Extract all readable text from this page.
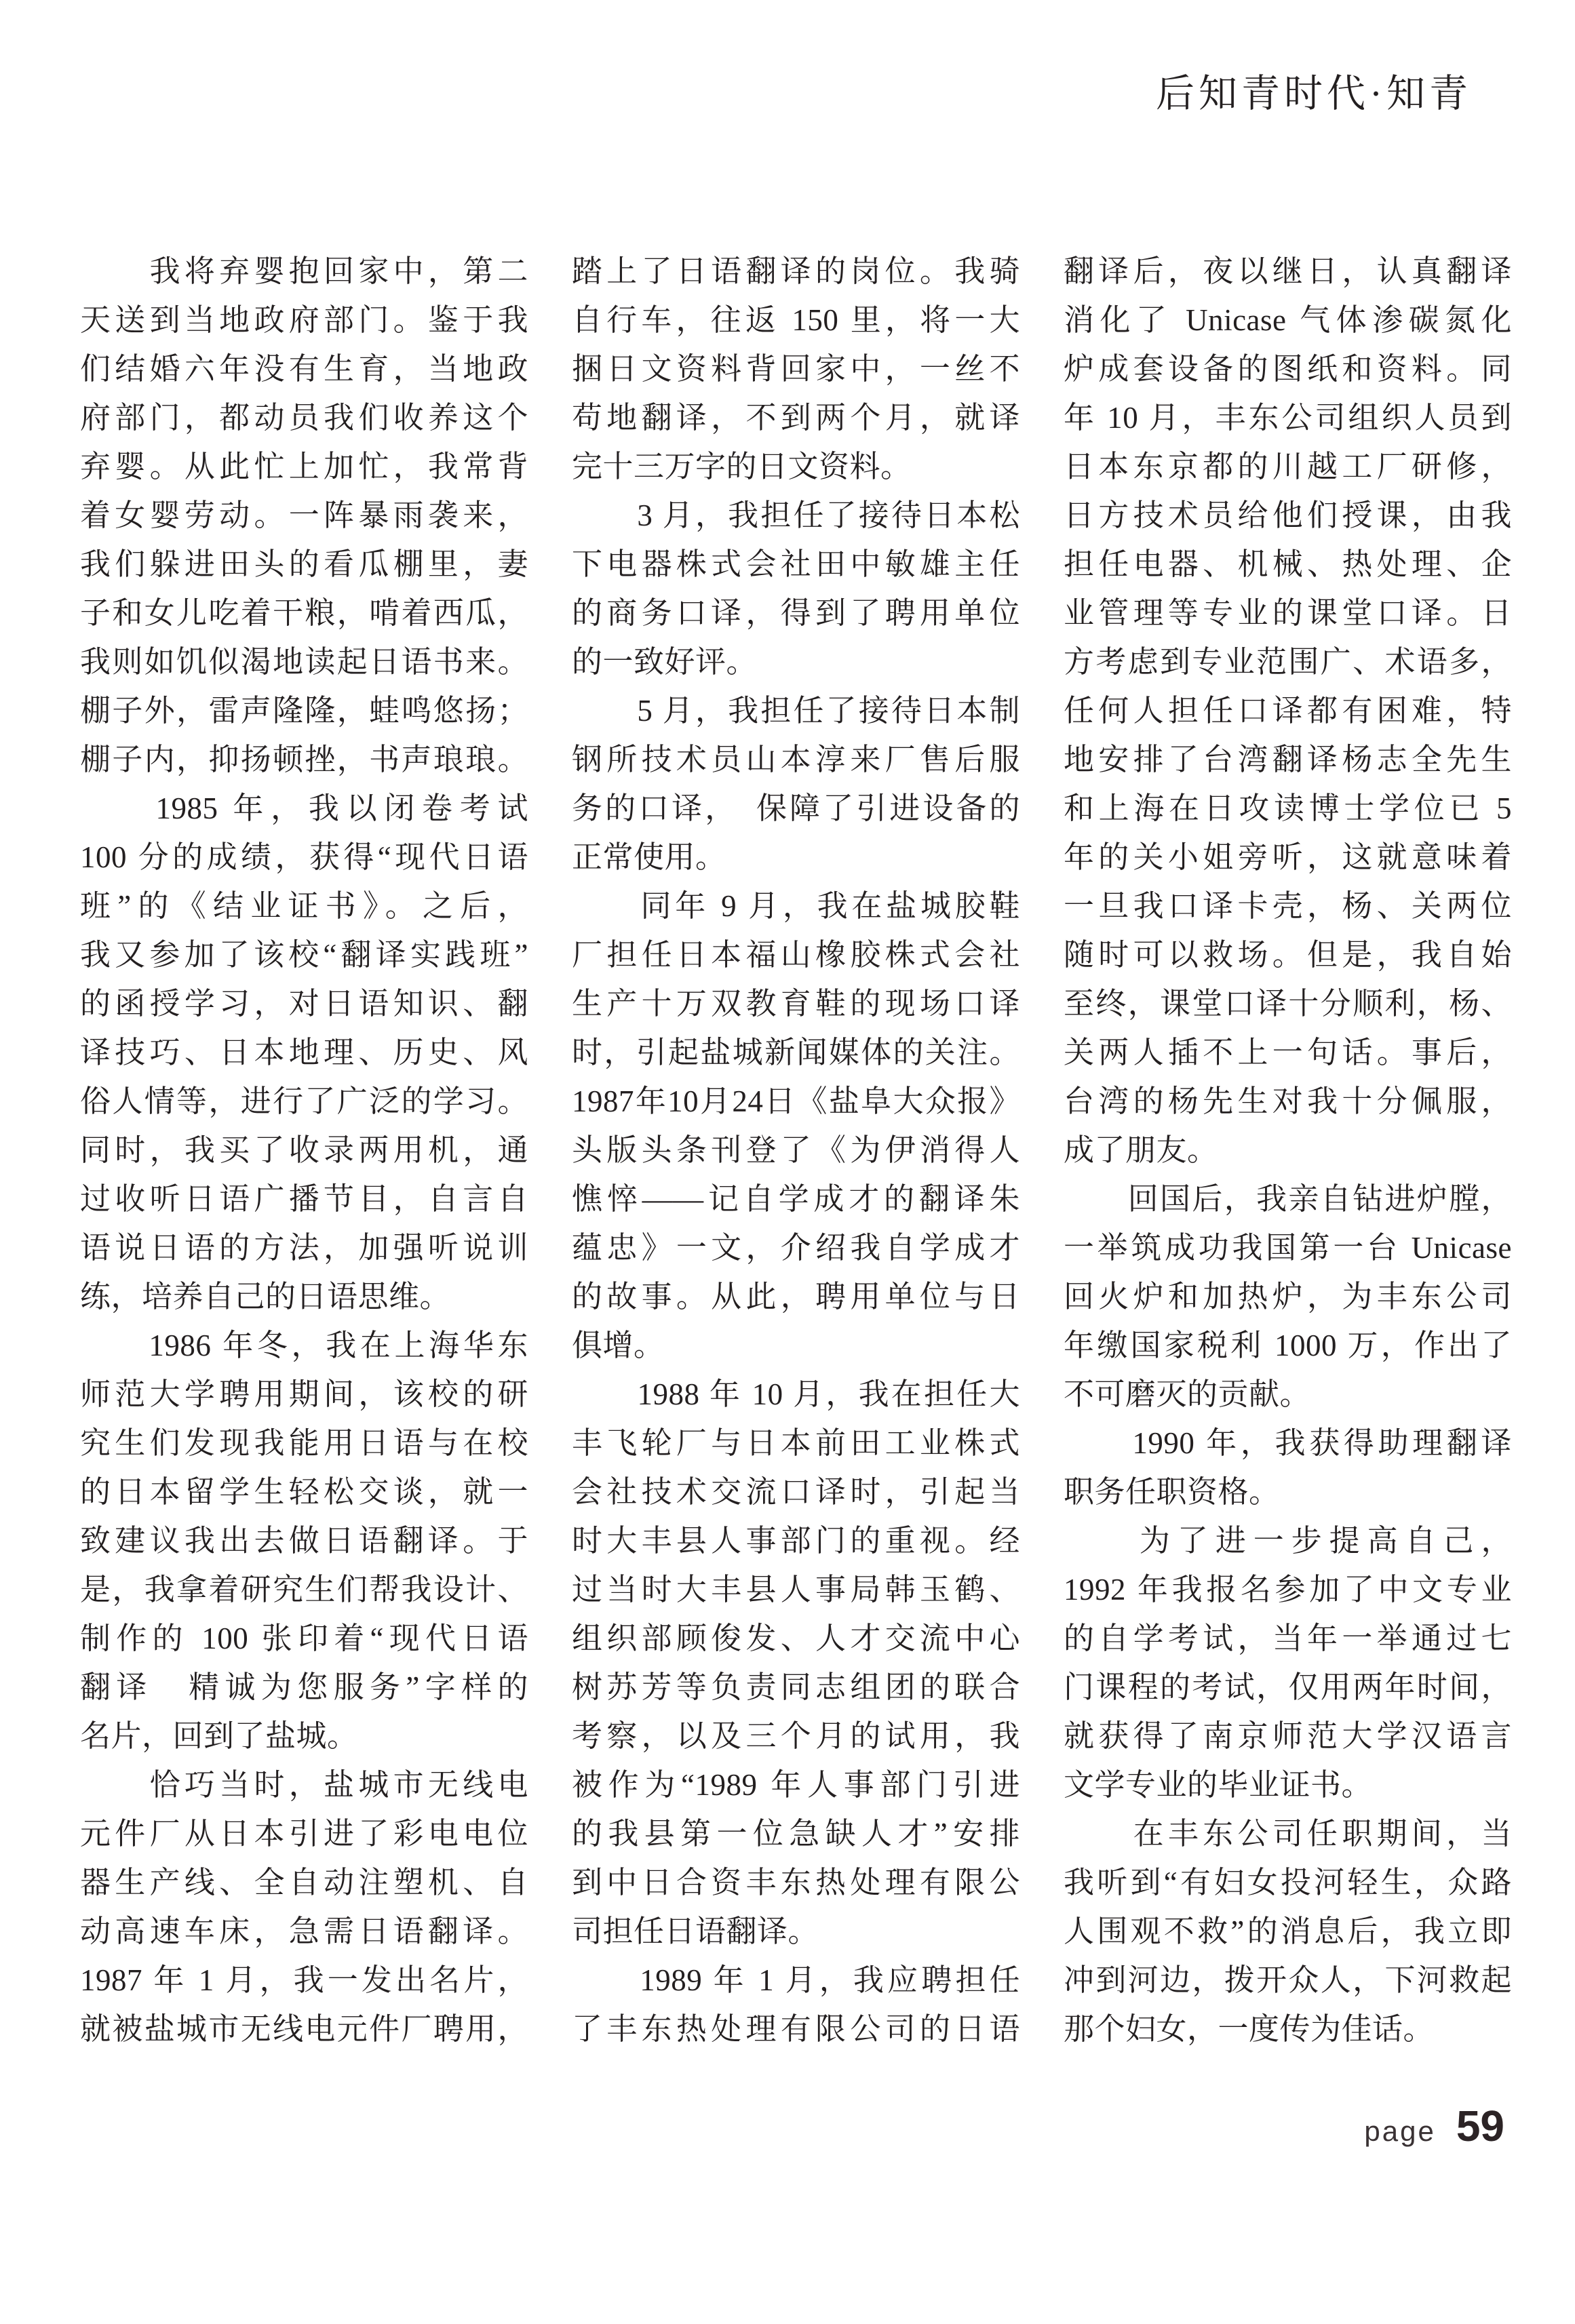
后知青时代·知青
　　我将弃婴抱回家中，第二
天送到当地政府部门。鉴于我
们结婚六年没有生育，当地政
府部门，都动员我们收养这个
弃婴。从此忙上加忙，我常背
着女婴劳动。一阵暴雨袭来，
我们躲进田头的看瓜棚里，妻
子和女儿吃着干粮，啃着西瓜，
我则如饥似渴地读起日语书来。
棚子外，雷声隆隆，蛙鸣悠扬；
棚子内，抑扬顿挫，书声琅琅。
　　1985 年，我以闭卷考试
100 分的成绩，获得“现代日语
班”的《结业证书》。之后，
我又参加了该校“翻译实践班”
的函授学习，对日语知识、翻
译技巧、日本地理、历史、风
俗人情等，进行了广泛的学习。
同时，我买了收录两用机，通
过收听日语广播节目，自言自
语说日语的方法，加强听说训
练，培养自己的日语思维。
　　1986 年冬，我在上海华东
师范大学聘用期间，该校的研
究生们发现我能用日语与在校
的日本留学生轻松交谈，就一
致建议我出去做日语翻译。于
是，我拿着研究生们帮我设计、
制作的 100 张印着“现代日语
翻译　精诚为您服务”字样的
名片，回到了盐城。
　　恰巧当时，盐城市无线电
元件厂从日本引进了彩电电位
器生产线、全自动注塑机、自
动高速车床，急需日语翻译。
1987 年 1 月，我一发出名片，
就被盐城市无线电元件厂聘用，
踏上了日语翻译的岗位。我骑
自行车，往返 150 里，将一大
捆日文资料背回家中，一丝不
苟地翻译，不到两个月，就译
完十三万字的日文资料。
　　3 月，我担任了接待日本松
下电器株式会社田中敏雄主任
的商务口译，得到了聘用单位
的一致好评。
　　5 月，我担任了接待日本制
钢所技术员山本淳来厂售后服
务的口译，　保障了引进设备的
正常使用。
　　同年 9 月，我在盐城胶鞋
厂担任日本福山橡胶株式会社
生产十万双教育鞋的现场口译
时，引起盐城新闻媒体的关注。
1987年10月24日《盐阜大众报》
头版头条刊登了《为伊消得人
憔悴——记自学成才的翻译朱
蕴忠》一文，介绍我自学成才
的故事。从此，聘用单位与日
俱增。
　　1988 年 10 月，我在担任大
丰飞轮厂与日本前田工业株式
会社技术交流口译时，引起当
时大丰县人事部门的重视。经
过当时大丰县人事局韩玉鹤、
组织部顾俊发、人才交流中心
树苏芳等负责同志组团的联合
考察，以及三个月的试用，我
被作为“1989 年人事部门引进
的我县第一位急缺人才”安排
到中日合资丰东热处理有限公
司担任日语翻译。
　　1989 年 1 月，我应聘担任
了丰东热处理有限公司的日语
翻译后，夜以继日，认真翻译
消化了 Unicase 气体渗碳氮化
炉成套设备的图纸和资料。同
年 10 月，丰东公司组织人员到
日本东京都的川越工厂研修，
日方技术员给他们授课，由我
担任电器、机械、热处理、企
业管理等专业的课堂口译。日
方考虑到专业范围广、术语多，
任何人担任口译都有困难，特
地安排了台湾翻译杨志全先生
和上海在日攻读博士学位已 5
年的关小姐旁听，这就意味着
一旦我口译卡壳，杨、关两位
随时可以救场。但是，我自始
至终，课堂口译十分顺利，杨、
关两人插不上一句话。事后，
台湾的杨先生对我十分佩服，
成了朋友。
　　回国后，我亲自钻进炉膛，
一举筑成功我国第一台 Unicase
回火炉和加热炉，为丰东公司
年缴国家税利 1000 万，作出了
不可磨灭的贡献。
　　1990 年，我获得助理翻译
职务任职资格。
　　为了进一步提高自己，
1992 年我报名参加了中文专业
的自学考试，当年一举通过七
门课程的考试，仅用两年时间，
就获得了南京师范大学汉语言
文学专业的毕业证书。
　　在丰东公司任职期间，当
我听到“有妇女投河轻生，众路
人围观不救”的消息后，我立即
冲到河边，拨开众人，下河救起
那个妇女，一度传为佳话。
page 59
